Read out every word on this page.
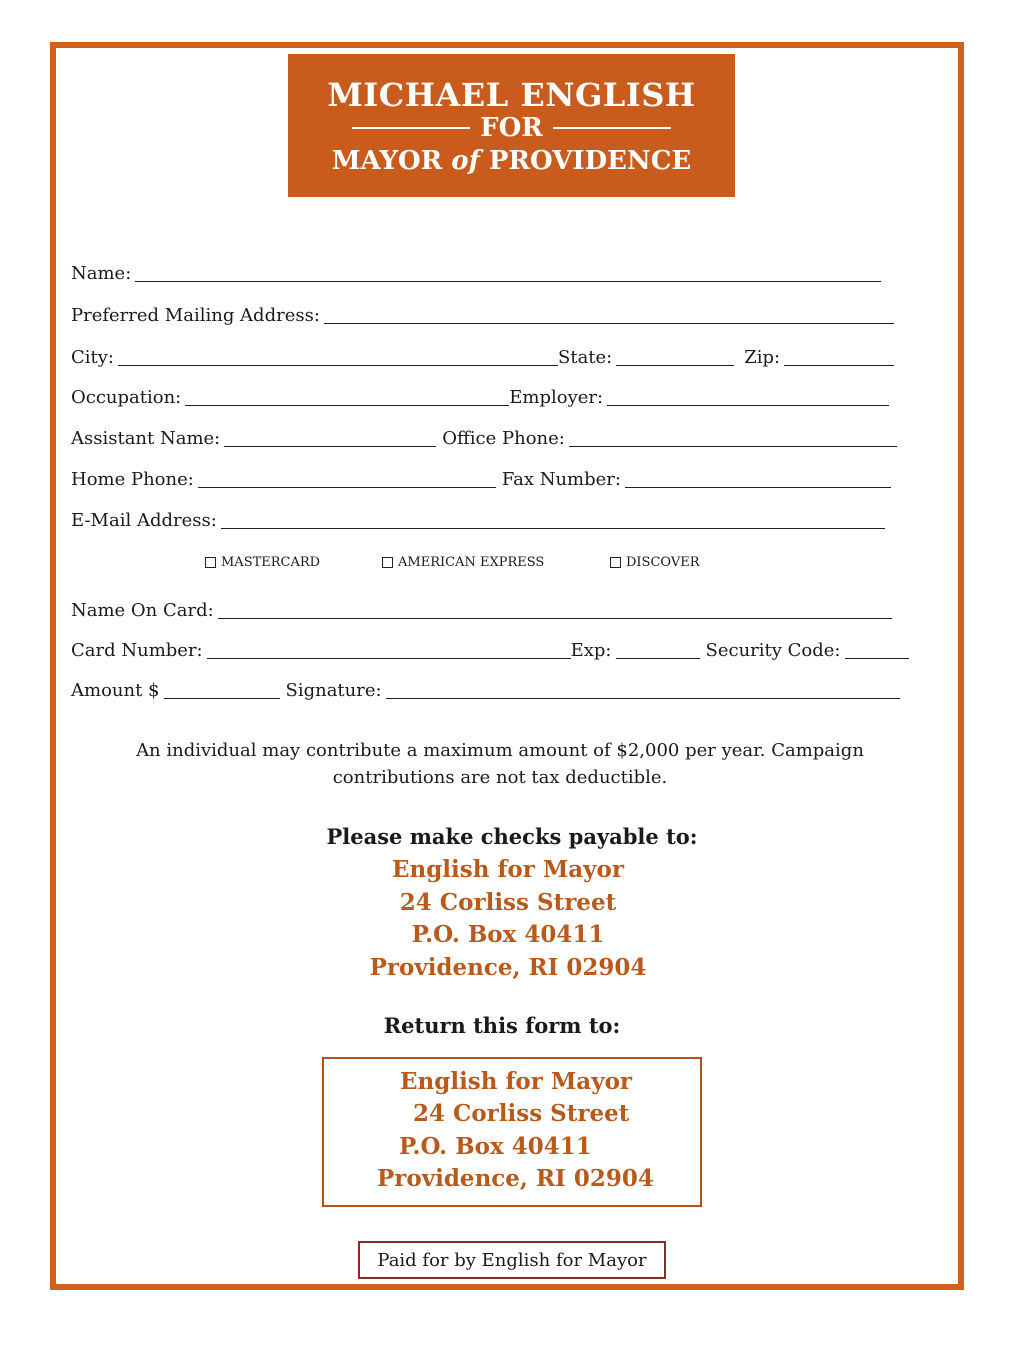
MICHAEL ENGLISH
FOR
MAYOR of PROVIDENCE
Name:
Preferred Mailing Address:
City:	State:	Zip:
Occupation:	Employer:
Assistant Name:	Office Phone:
Home Phone:	Fax Number:
E-Mail Address:
MASTERCARD	AMERICAN EXPRESS	DISCOVER
Name On Card:
Card Number:	Exp:	Security Code:
Amount $	Signature:
An individual may contribute a maximum amount of $2,000 per year. Campaign contributions are not tax deductible.
Please make checks payable to:
English for Mayor
24 Corliss Street
P.O. Box 40411
Providence, RI 02904
Return this form to:
English for Mayor
24 Corliss Street
P.O. Box 40411
Providence, RI 02904
Paid for by English for Mayor
